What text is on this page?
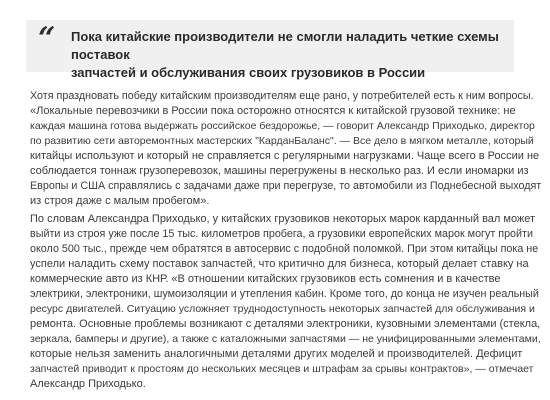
“ Пока китайские производители не смогли наладить четкие схемы поставок
запчастей и обслуживания своих грузовиков в России

Хотя праздновать победу китайским производителям еще рано, у потребителей есть к ним вопросы.
«Локальные перевозчики в России пока осторожно относятся к китайской грузовой технике: не
каждая машина готова выдержать российское бездорожье, — говорит Александр Приходько, директор
по развитию сети авторемонтных мастерских "КарданБаланс". — Все дело в мягком металле, который
китайцы используют и который не справляется с регулярными нагрузками. Чаще всего в России не
соблюдается тоннаж грузоперевозок, машины перегружены в несколько раз. И если иномарки из
Европы и США справлялись с задачами даже при перегрузе, то автомобили из Поднебесной выходят
из строя даже с малым пробегом».
По словам Александра Приходько, у китайских грузовиков некоторых марок карданный вал может
выйти из строя уже после 15 тыс. километров пробега, а грузовики европейских марок могут пройти
около 500 тыс., прежде чем обратятся в автосервис с подобной поломкой. При этом китайцы пока не
успели наладить схему поставок запчастей, что критично для бизнеса, который делает ставку на
коммерческие авто из КНР. «В отношении китайских грузовиков есть сомнения и в качестве
электрики, электроники, шумоизоляции и утепления кабин. Кроме того, до конца не изучен реальный
ресурс двигателей. Ситуацию усложняет труднодоступность некоторых запчастей для обслуживания и
ремонта. Основные проблемы возникают с деталями электроники, кузовными элементами (стекла,
зеркала, бамперы и другие), а также с каталожными запчастями — не унифицированными элементами,
которые нельзя заменить аналогичными деталями других моделей и производителей. Дефицит
запчастей приводит к простоям до нескольких месяцев и штрафам за срывы контрактов», — отмечает
Александр Приходько.
